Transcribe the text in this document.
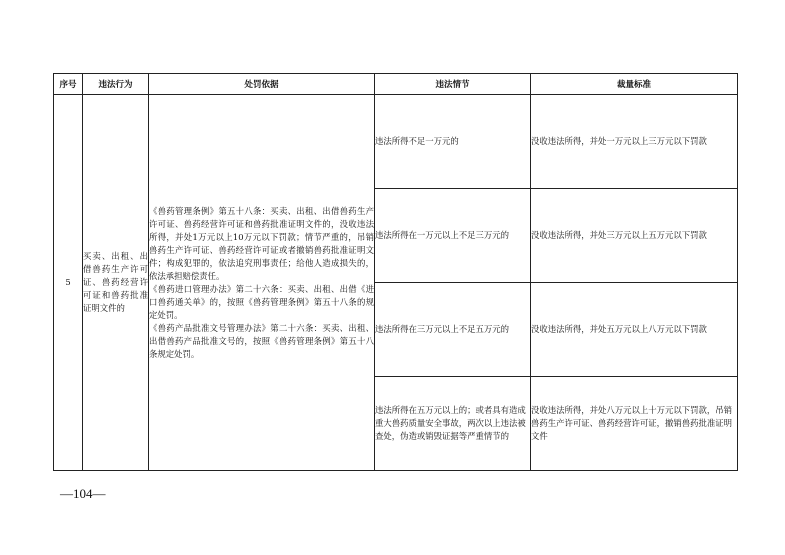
序号	违法行为	处罚依据	违法情节	裁量标准
5	买卖、出租、出借兽药生产许可证、兽药经营许可证和兽药批准证明文件的	《兽药管理条例》第五十八条：买卖、出租、出借兽药生产许可证、兽药经营许可证和兽药批准证明文件的，没收违法所得，并处1万元以上10万元以下罚款；情节严重的，吊销兽药生产许可证、兽药经营许可证或者撤销兽药批准证明文件；构成犯罪的，依法追究刑事责任；给他人造成损失的，依法承担赔偿责任。

《兽药进口管理办法》第二十六条：买卖、出租、出借《进口兽药通关单》的，按照《兽药管理条例》第五十八条的规定处罚。

《兽药产品批准文号管理办法》第二十六条：买卖、出租、出借兽药产品批准文号的，按照《兽药管理条例》第五十八条规定处罚。	违法所得不足一万元的	没收违法所得，并处一万元以上三万元以下罚款
			违法所得在一万元以上不足三万元的	没收违法所得，并处三万元以上五万元以下罚款
			违法所得在三万元以上不足五万元的	没收违法所得，并处五万元以上八万元以下罚款
			违法所得在五万元以上的；或者具有造成重大兽药质量安全事故，两次以上违法被查处，伪造或销毁证据等严重情节的	没收违法所得，并处八万元以上十万元以下罚款，吊销兽药生产许可证、兽药经营许可证，撤销兽药批准证明文件
—104—
